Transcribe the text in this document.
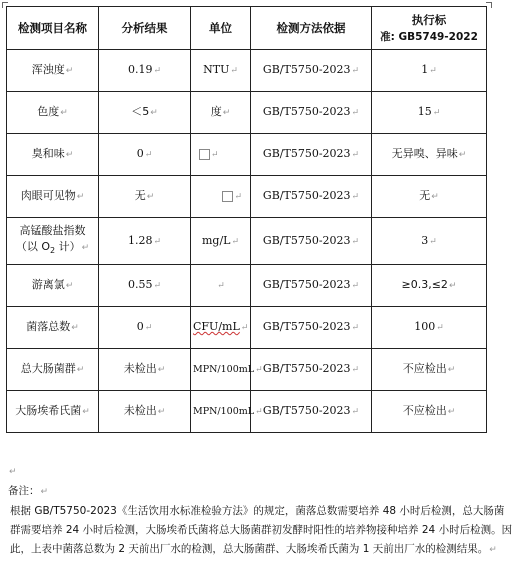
检测项目名称	分析结果	单位	检测方法依据	执行标
准: GB5749-2022
浑浊度↵	0.19↵	NTU↵	GB/T5750-2023↵	1↵
色度↵	＜5↵	度↵	GB/T5750-2023↵	15↵
臭和味↵	0↵	↵	GB/T5750-2023↵	无异嗅、异味↵
肉眼可见物↵	无↵	↵	GB/T5750-2023↵	无↵
高锰酸盐指数
（以 $O_2$ 计）↵	1.28↵	mg/L↵	GB/T5750-2023↵	3↵
游离氯↵	0.55↵	↵	GB/T5750-2023↵	≥0.3,≤2↵
菌落总数↵	0↵	CFU/mL↵	GB/T5750-2023↵	100↵
总大肠菌群↵	未检出↵	MPN/100mL↵	GB/T5750-2023↵	不应检出↵
大肠埃希氏菌↵	未检出↵	MPN/100mL↵	GB/T5750-2023↵	不应检出↵

↵

备注：↵

根据 GB/T5750-2023《生活饮用水标准检验方法》的规定，菌落总数需要培养 48 小时后检测，总大肠菌群需要培养 24 小时后检测，大肠埃希氏菌将总大肠菌群初发酵时阳性的培养物接种培养 24 小时后检测。因此，上表中菌落总数为 2 天前出厂水的检测，总大肠菌群、大肠埃希氏菌为 1 天前出厂水的检测结果。↵
